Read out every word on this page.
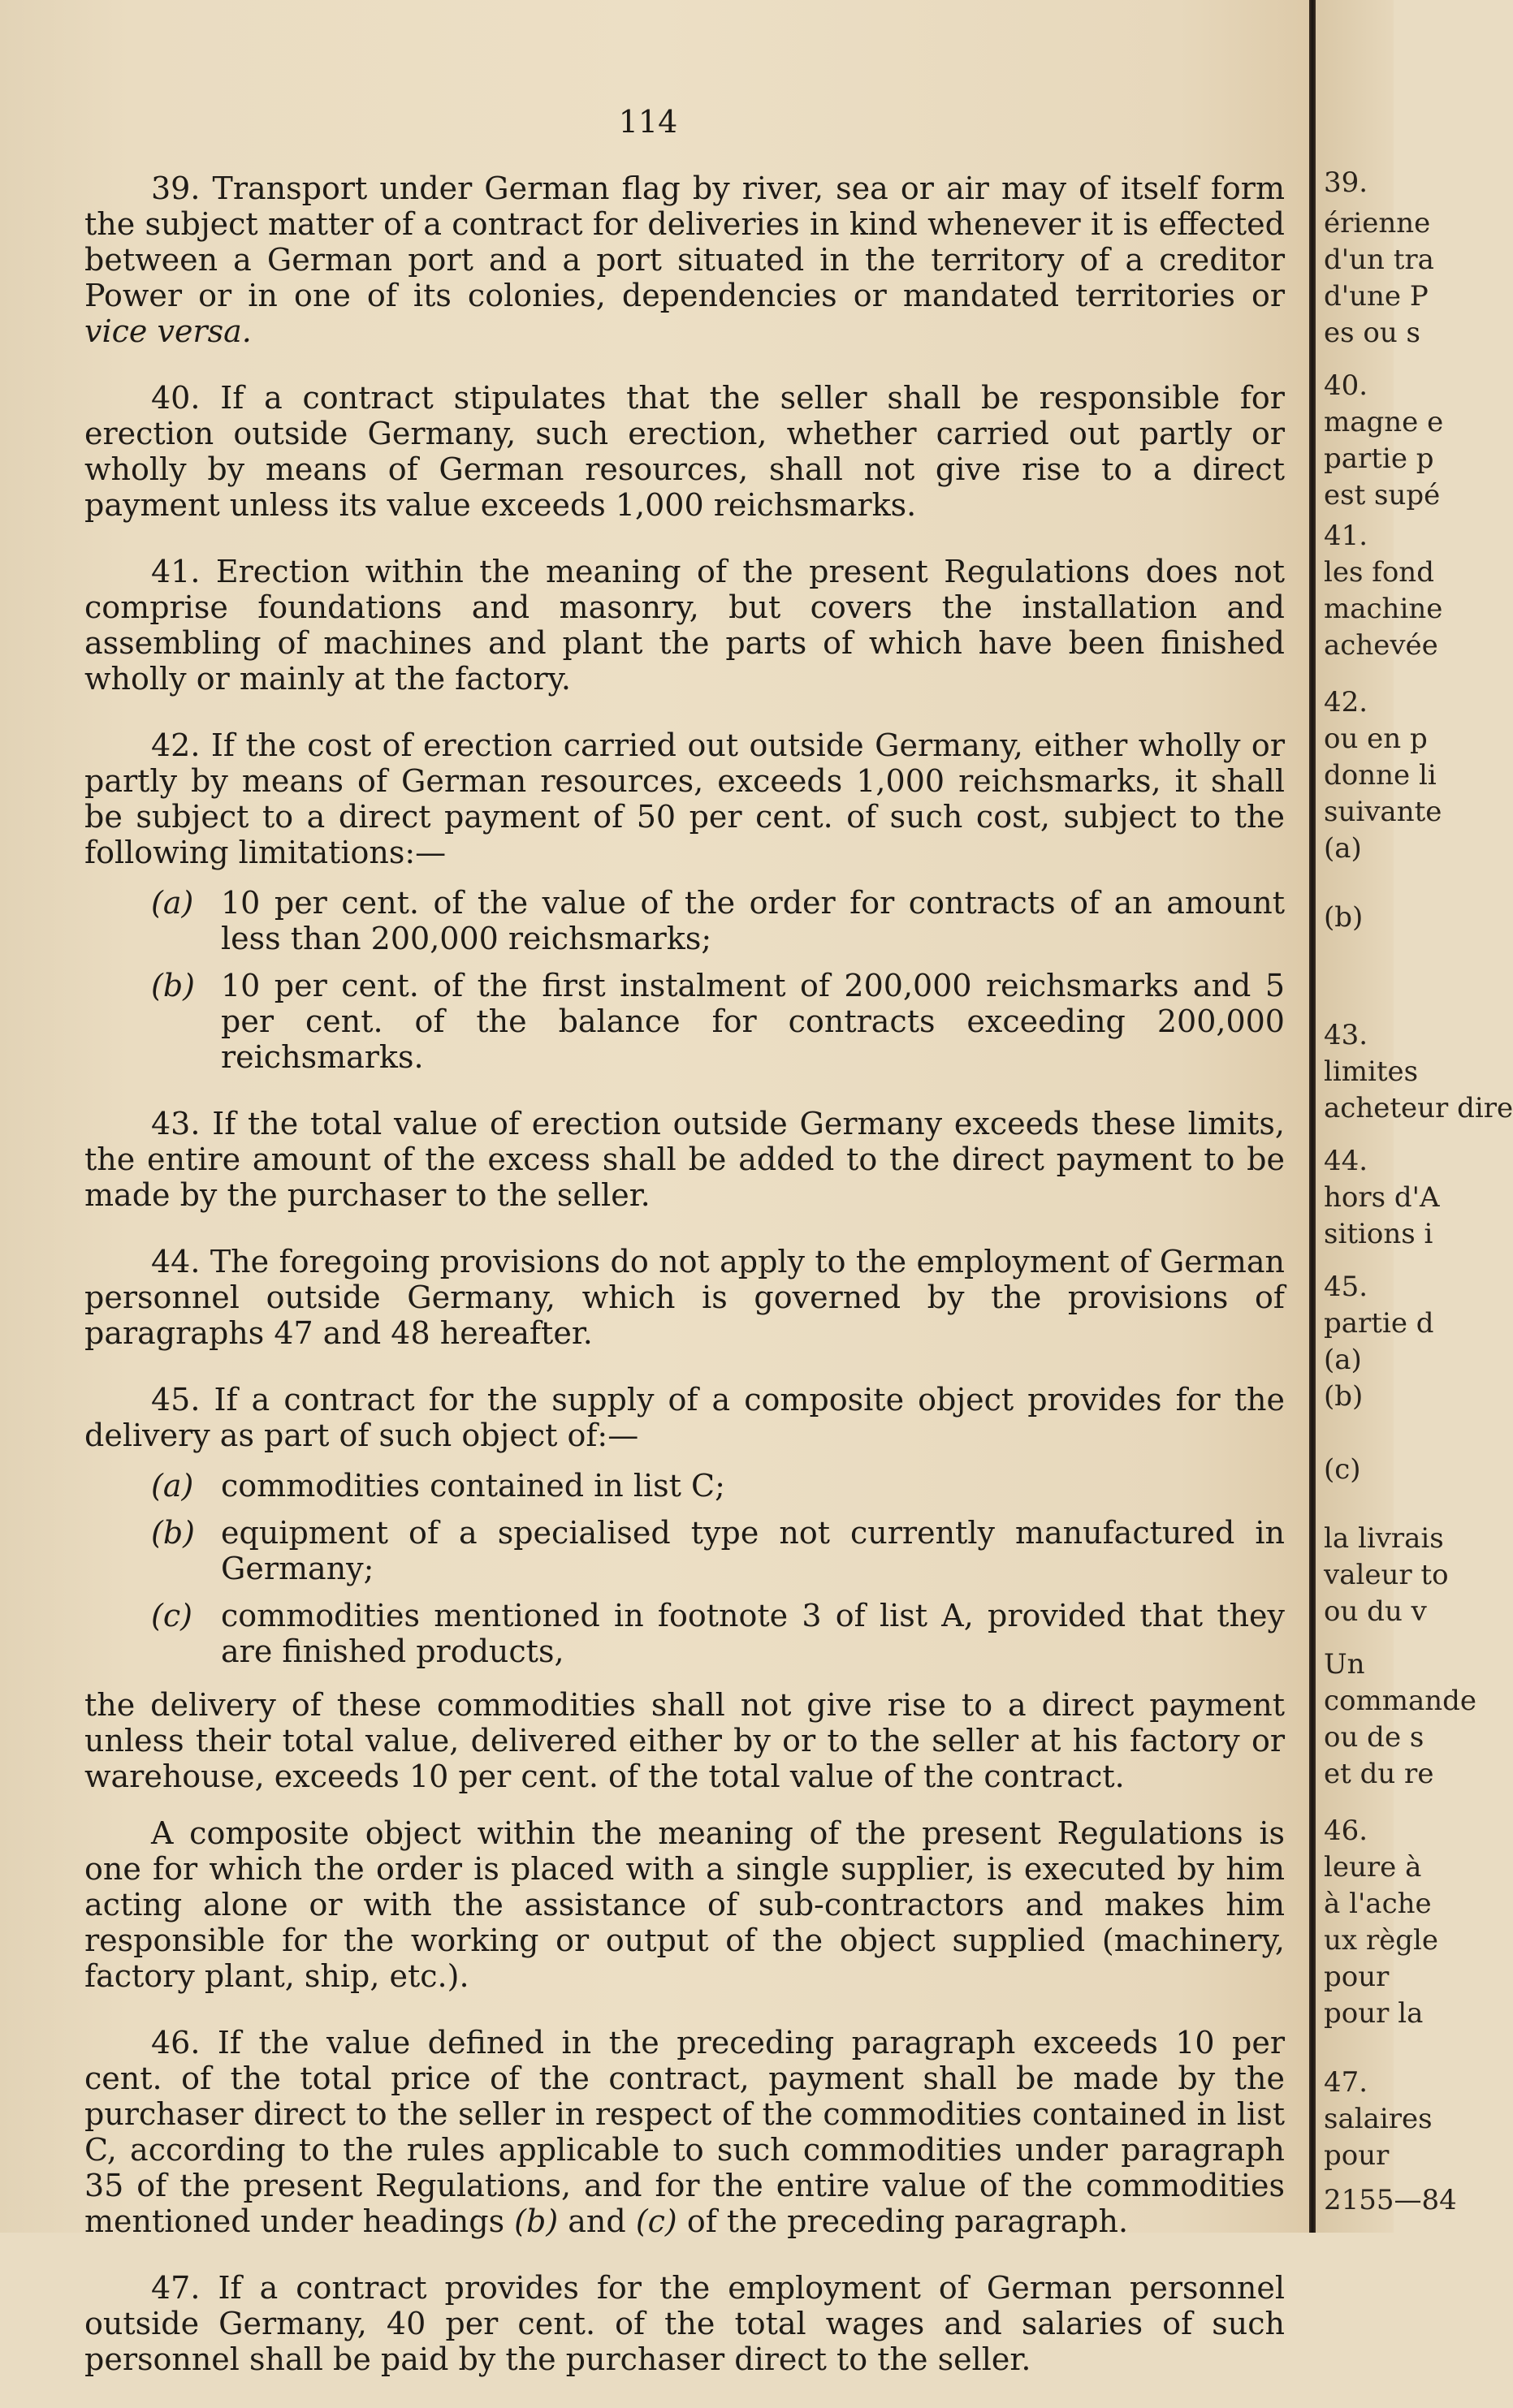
114

39. Transport under German flag by river, sea or air may of itself form the subject matter of a contract for deliveries in kind whenever it is effected between a German port and a port situated in the territory of a creditor Power or in one of its colonies, dependencies or mandated territories or vice versa.

40. If a contract stipulates that the seller shall be responsible for erection outside Germany, such erection, whether carried out partly or wholly by means of German resources, shall not give rise to a direct payment unless its value exceeds 1,000 reichsmarks.

41. Erection within the meaning of the present Regulations does not comprise foundations and masonry, but covers the installation and assembling of machines and plant the parts of which have been finished wholly or mainly at the factory.

42. If the cost of erection carried out outside Germany, either wholly or partly by means of German resources, exceeds 1,000 reichsmarks, it shall be subject to a direct payment of 50 per cent. of such cost, subject to the following limitations:—

(a) 10 per cent. of the value of the order for contracts of an amount less than 200,000 reichsmarks;
(b) 10 per cent. of the first instalment of 200,000 reichsmarks and 5 per cent. of the balance for contracts exceeding 200,000 reichsmarks.

43. If the total value of erection outside Germany exceeds these limits, the entire amount of the excess shall be added to the direct payment to be made by the purchaser to the seller.

44. The foregoing provisions do not apply to the employment of German personnel outside Germany, which is governed by the provisions of paragraphs 47 and 48 hereafter.

45. If a contract for the supply of a composite object provides for the delivery as part of such object of:—

(a) commodities contained in list C;
(b) equipment of a specialised type not currently manufactured in Germany;
(c) commodities mentioned in footnote 3 of list A, provided that they are finished products,

the delivery of these commodities shall not give rise to a direct payment unless their total value, delivered either by or to the seller at his factory or warehouse, exceeds 10 per cent. of the total value of the contract.

A composite object within the meaning of the present Regulations is one for which the order is placed with a single supplier, is executed by him acting alone or with the assistance of sub-contractors and makes him responsible for the working or output of the object supplied (machinery, factory plant, ship, etc.).

46. If the value defined in the preceding paragraph exceeds 10 per cent. of the total price of the contract, payment shall be made by the purchaser direct to the seller in respect of the commodities contained in list C, according to the rules applicable to such commodities under paragraph 35 of the present Regulations, and for the entire value of the commodities mentioned under headings (b) and (c) of the preceding paragraph.

47. If a contract provides for the employment of German personnel outside Germany, 40 per cent. of the total wages and salaries of such personnel shall be paid by the purchaser direct to the seller.

39.
érienne
d'un tra
d'une P
es ou s
40.
magne e
partie p
est supé
41.
les fond
machine
achevée
42.
ou en p
donne li
suivante
(a)
(b)
43.
limites
acheteur dire
44.
hors d'A
sitions i
45.
partie d
(a)
(b)
(c)
la livrais
valeur to
ou du v
Un
commande
ou de s
et du re
46.
leure à
à l'ache
ux règle
pour
pour la
47.
salaires
pour
2155—84
